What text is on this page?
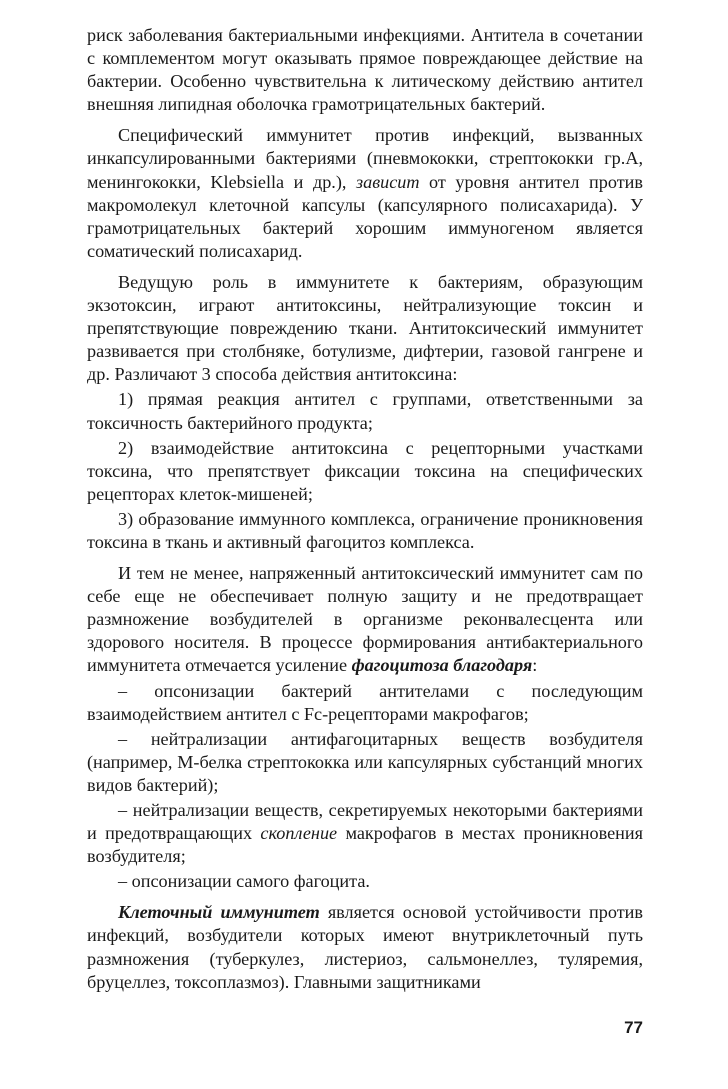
риск заболевания бактериальными инфекциями. Антитела в сочетании с комплементом могут оказывать прямое повреждающее действие на бактерии. Особенно чувствительна к литическому действию антител внешняя липидная оболочка грамотрицательных бактерий.

Специфический иммунитет против инфекций, вызванных инкапсулированными бактериями (пневмококки, стрептококки гр.А, менингококки, Klebsiella и др.), зависит от уровня антител против макромолекул клеточной капсулы (капсулярного полисахарида). У грамотрицательных бактерий хорошим иммуногеном является соматический полисахарид.

Ведущую роль в иммунитете к бактериям, образующим экзотоксин, играют антитоксины, нейтрализующие токсин и препятствующие повреждению ткани. Антитоксический иммунитет развивается при столбняке, ботулизме, дифтерии, газовой гангрене и др. Различают 3 способа действия антитоксина:

1) прямая реакция антител с группами, ответственными за токсичность бактерийного продукта;

2) взаимодействие антитоксина с рецепторными участками токсина, что препятствует фиксации токсина на специфических рецепторах клеток-мишеней;

3) образование иммунного комплекса, ограничение проникновения токсина в ткань и активный фагоцитоз комплекса.

И тем не менее, напряженный антитоксический иммунитет сам по себе еще не обеспечивает полную защиту и не предотвращает размножение возбудителей в организме реконвалесцента или здорового носителя. В процессе формирования антибактериального иммунитета отмечается усиление фагоцитоза благодаря:

– опсонизации бактерий антителами с последующим взаимодействием антител с Fc-рецепторами макрофагов;

– нейтрализации антифагоцитарных веществ возбудителя (например, М-белка стрептококка или капсулярных субстанций многих видов бактерий);

– нейтрализации веществ, секретируемых некоторыми бактериями и предотвращающих скопление макрофагов в местах проникновения возбудителя;

– опсонизации самого фагоцита.

Клеточный иммунитет является основой устойчивости против инфекций, возбудители которых имеют внутриклеточный путь размножения (туберкулез, листериоз, сальмонеллез, туляремия, бруцеллез, токсоплазмоз). Главными защитниками

77
